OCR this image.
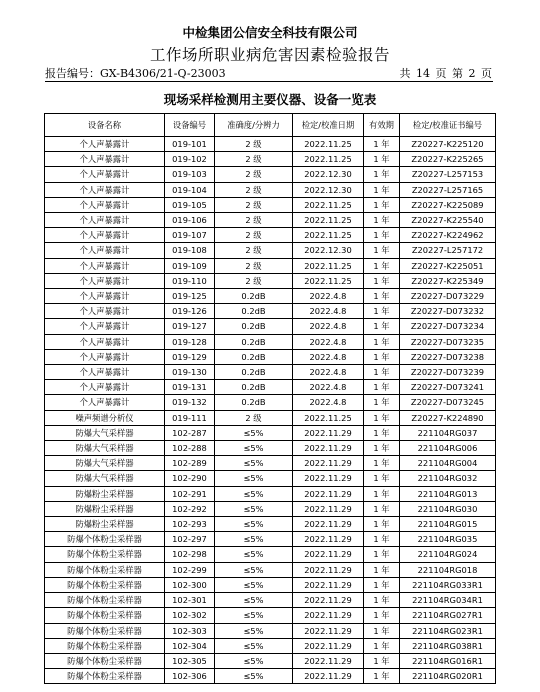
中检集团公信安全科技有限公司
工作场所职业病危害因素检验报告
报告编号：GX-B4306/21-Q-23003	共 14 页 第 2 页
现场采样检测用主要仪器、设备一览表
设备名称	设备编号	准确度/分辨力	检定/校准日期	有效期	检定/校准证书编号
个人声暴露计	019-101	2 级	2022.11.25	1 年	Z20227-K225120
个人声暴露计	019-102	2 级	2022.11.25	1 年	Z20227-K225265
个人声暴露计	019-103	2 级	2022.12.30	1 年	Z20227-L257153
个人声暴露计	019-104	2 级	2022.12.30	1 年	Z20227-L257165
个人声暴露计	019-105	2 级	2022.11.25	1 年	Z20227-K225089
个人声暴露计	019-106	2 级	2022.11.25	1 年	Z20227-K225540
个人声暴露计	019-107	2 级	2022.11.25	1 年	Z20227-K224962
个人声暴露计	019-108	2 级	2022.12.30	1 年	Z20227-L257172
个人声暴露计	019-109	2 级	2022.11.25	1 年	Z20227-K225051
个人声暴露计	019-110	2 级	2022.11.25	1 年	Z20227-K225349
个人声暴露计	019-125	0.2dB	2022.4.8	1 年	Z20227-D073229
个人声暴露计	019-126	0.2dB	2022.4.8	1 年	Z20227-D073232
个人声暴露计	019-127	0.2dB	2022.4.8	1 年	Z20227-D073234
个人声暴露计	019-128	0.2dB	2022.4.8	1 年	Z20227-D073235
个人声暴露计	019-129	0.2dB	2022.4.8	1 年	Z20227-D073238
个人声暴露计	019-130	0.2dB	2022.4.8	1 年	Z20227-D073239
个人声暴露计	019-131	0.2dB	2022.4.8	1 年	Z20227-D073241
个人声暴露计	019-132	0.2dB	2022.4.8	1 年	Z20227-D073245
噪声频谱分析仪	019-111	2 级	2022.11.25	1 年	Z20227-K224890
防爆大气采样器	102-287	≤5%	2022.11.29	1 年	221104RG037
防爆大气采样器	102-288	≤5%	2022.11.29	1 年	221104RG006
防爆大气采样器	102-289	≤5%	2022.11.29	1 年	221104RG004
防爆大气采样器	102-290	≤5%	2022.11.29	1 年	221104RG032
防爆粉尘采样器	102-291	≤5%	2022.11.29	1 年	221104RG013
防爆粉尘采样器	102-292	≤5%	2022.11.29	1 年	221104RG030
防爆粉尘采样器	102-293	≤5%	2022.11.29	1 年	221104RG015
防爆个体粉尘采样器	102-297	≤5%	2022.11.29	1 年	221104RG035
防爆个体粉尘采样器	102-298	≤5%	2022.11.29	1 年	221104RG024
防爆个体粉尘采样器	102-299	≤5%	2022.11.29	1 年	221104RG018
防爆个体粉尘采样器	102-300	≤5%	2022.11.29	1 年	221104RG033R1
防爆个体粉尘采样器	102-301	≤5%	2022.11.29	1 年	221104RG034R1
防爆个体粉尘采样器	102-302	≤5%	2022.11.29	1 年	221104RG027R1
防爆个体粉尘采样器	102-303	≤5%	2022.11.29	1 年	221104RG023R1
防爆个体粉尘采样器	102-304	≤5%	2022.11.29	1 年	221104RG038R1
防爆个体粉尘采样器	102-305	≤5%	2022.11.29	1 年	221104RG016R1
防爆个体粉尘采样器	102-306	≤5%	2022.11.29	1 年	221104RG020R1
